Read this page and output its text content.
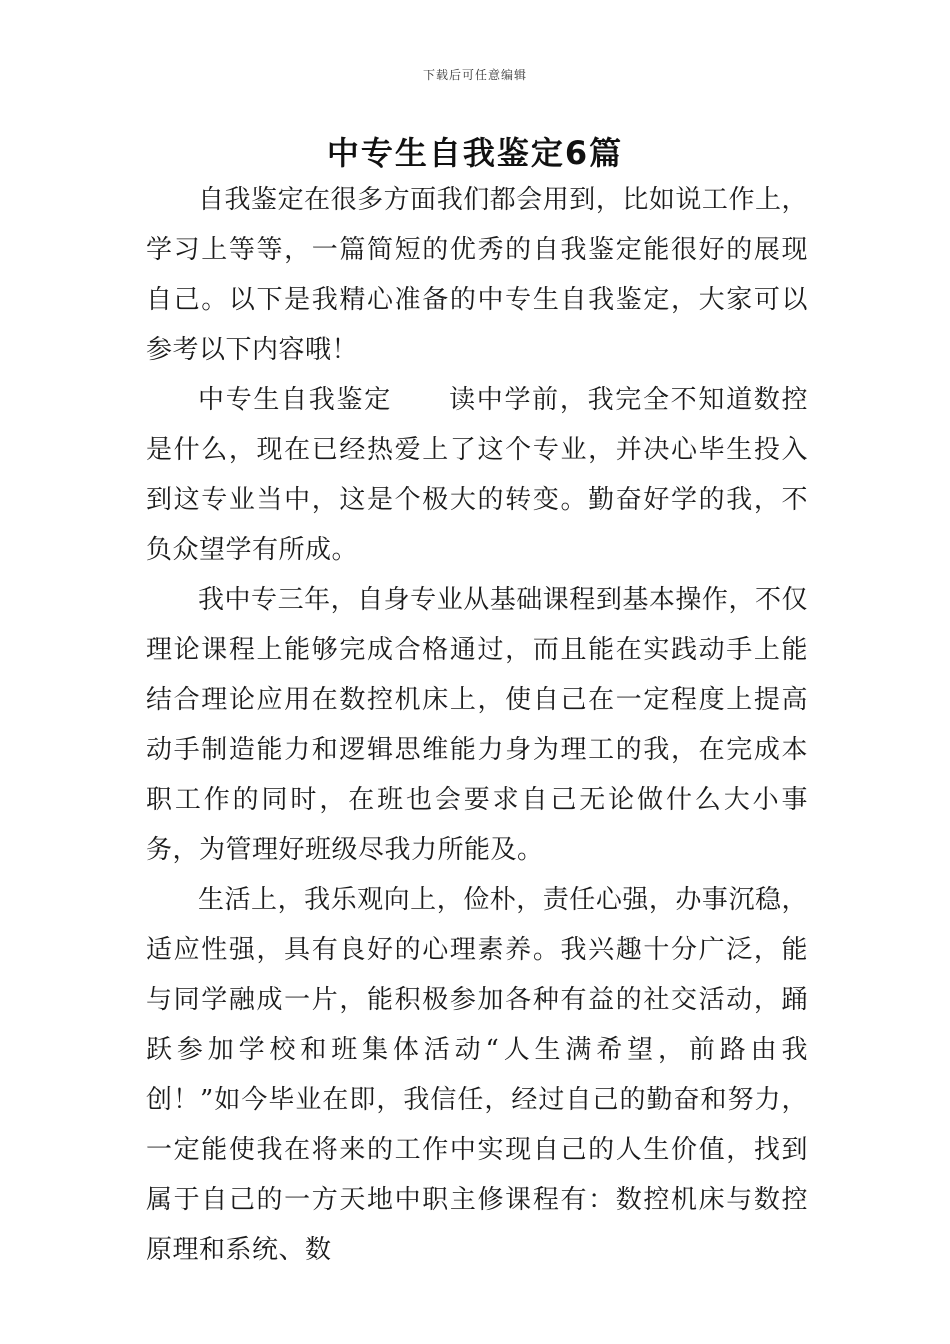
下载后可任意编辑
中专生自我鉴定6篇

自我鉴定在很多方面我们都会用到，比如说工作上，学习上等等，一篇简短的优秀的自我鉴定能很好的展现自己。以下是我精心准备的中专生自我鉴定，大家可以参考以下内容哦！

中专生自我鉴定 读中学前，我完全不知道数控是什么，现在已经热爱上了这个专业，并决心毕生投入到这专业当中，这是个极大的转变。勤奋好学的我，不负众望学有所成。

我中专三年，自身专业从基础课程到基本操作，不仅理论课程上能够完成合格通过，而且能在实践动手上能结合理论应用在数控机床上，使自己在一定程度上提高动手制造能力和逻辑思维能力身为理工的我，在完成本职工作的同时，在班也会要求自己无论做什么大小事务，为管理好班级尽我力所能及。

生活上，我乐观向上，俭朴，责任心强，办事沉稳，适应性强，具有良好的心理素养。我兴趣十分广泛，能与同学融成一片，能积极参加各种有益的社交活动，踊跃参加学校和班集体活动“人生满希望，前路由我创！”如今毕业在即，我信任，经过自己的勤奋和努力，一定能使我在将来的工作中实现自己的人生价值，找到属于自己的一方天地中职主修课程有：数控机床与数控原理和系统、数
